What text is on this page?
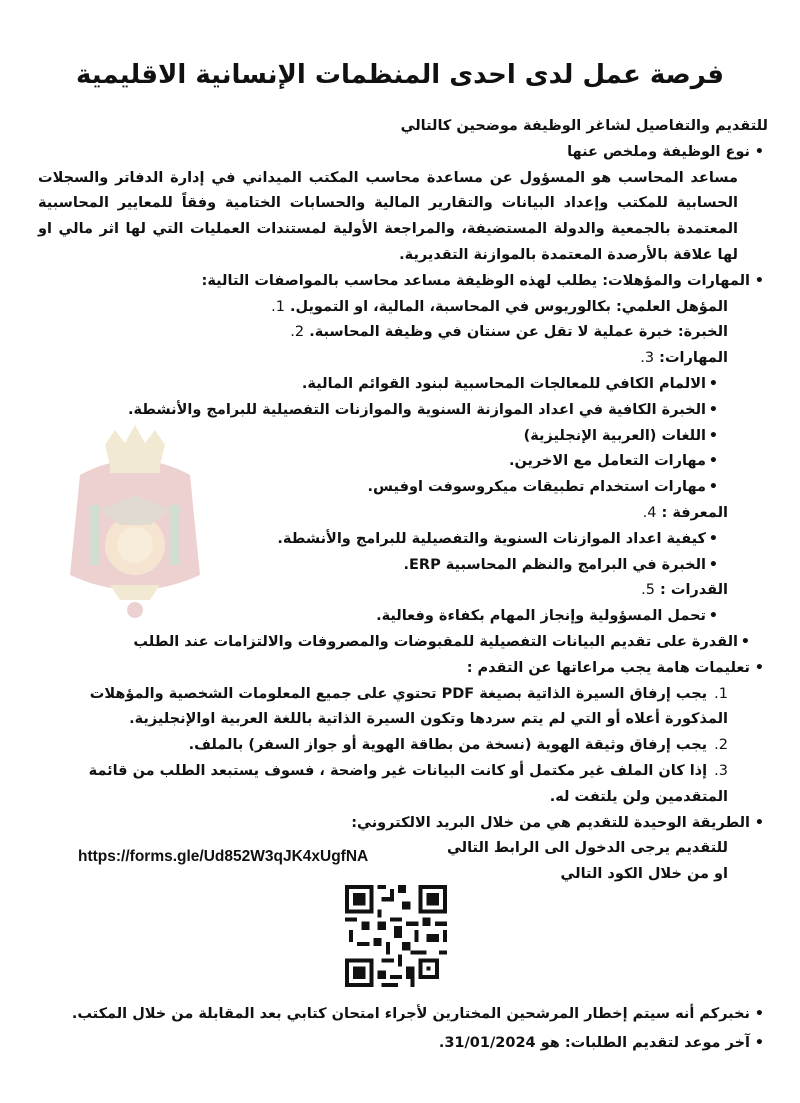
فرصة عمل لدى احدى المنظمات الإنسانية الاقليمية
للتقديم والتفاصيل لشاغر الوظيفة موضحين كالتالي
• نوع الوظيفة وملخص عنها
مساعد المحاسب هو المسؤول عن مساعدة محاسب المكتب الميداني في إدارة الدفاتر والسجلات الحسابية للمكتب وإعداد البيانات والتقارير المالية والحسابات الختامية وفقاً للمعايير المحاسبية المعتمدة بالجمعية والدولة المستضيفة، والمراجعة الأولية لمستندات العمليات التي لها اثر مالي او لها علاقة بالأرصدة المعتمدة بالموازنة التقديرية.
• المهارات والمؤهلات: يطلب لهذه الوظيفة مساعد محاسب بالمواصفات التالية:
المؤهل العلمي: بكالوريوس في المحاسبة، المالية، او التمويل. 1.
الخبرة: خبرة عملية لا تقل عن سنتان في وظيفة المحاسبة. 2.
المهارات: 3.
• الالمام الكافي للمعالجات المحاسبية لبنود القوائم المالية.
• الخبرة الكافية في اعداد الموازنة السنوية والموازنات التفصيلية للبرامج والأنشطة.
• اللغات (العربية الإنجليزية)
• مهارات التعامل مع الاخرين.
• مهارات استخدام تطبيقات ميكروسوفت اوفيس.
المعرفة : 4.
• كيفية اعداد الموازنات السنوية والتفصيلية للبرامج والأنشطة.
• الخبرة في البرامج والنظم المحاسبية ERP.
القدرات : 5.
• تحمل المسؤولية وإنجاز المهام بكفاءة وفعالية.
• القدرة على تقديم البيانات التفصيلية للمقبوضات والمصروفات والالتزامات عند الطلب
• تعليمات هامة يجب مراعاتها عن التقدم :
1. يجب إرفاق السيرة الذاتية بصيغة PDF تحتوي على جميع المعلومات الشخصية والمؤهلات المذكورة أعلاه أو التي لم يتم سردها وتكون السيرة الذاتية باللغة العربية اوالإنجليزية.
2. يجب إرفاق وثيقة الهوية (نسخة من بطاقة الهوية أو جواز السفر) بالملف.
3. إذا كان الملف غير مكتمل أو كانت البيانات غير واضحة ، فسوف يستبعد الطلب من قائمة المتقدمين ولن يلتفت له.
• الطريقة الوحيدة للتقديم هي من خلال البريد الالكتروني:
للتقديم يرجى الدخول الى الرابط التالي
او من خلال الكود التالي
https://forms.gle/Ud852W3qJK4xUgfNA
• نخبركم أنه سيتم إخطار المرشحين المختارين لأجراء امتحان كتابي بعد المقابلة من خلال المكتب.
• آخر موعد لتقديم الطلبات: هو 31/01/2024.
